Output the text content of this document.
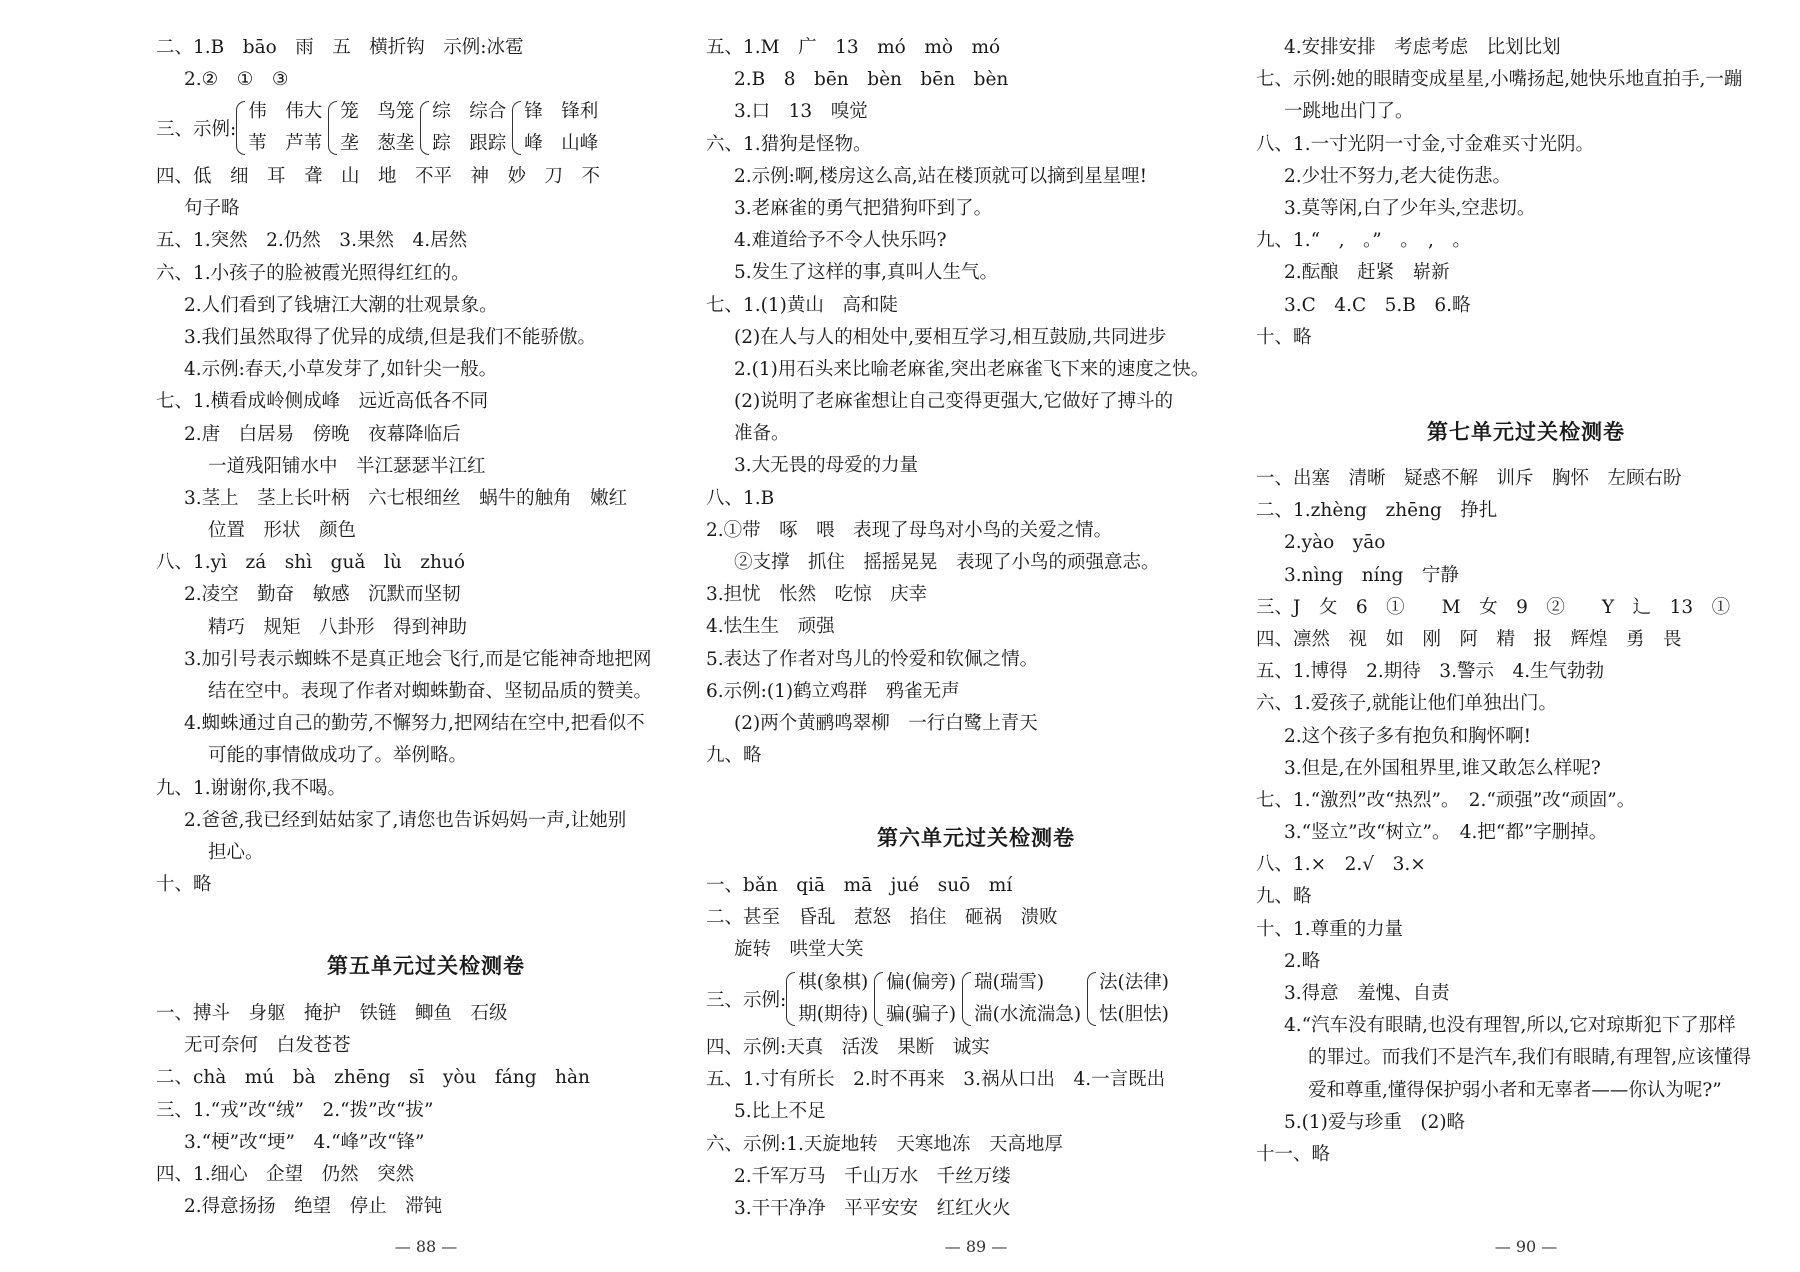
二、1.B　bāo　雨　五　横折钩　示例:冰雹
2.②　①　③
三、示例:
伟　伟大
苇　芦苇
笼　鸟笼
垄　葱垄
综　综合
踪　跟踪
锋　锋利
峰　山峰
四、低　细　耳　聋　山　地　不平　神　妙　刀　不
句子略
五、1.突然　2.仍然　3.果然　4.居然
六、1.小孩子的脸被霞光照得红红的。
2.人们看到了钱塘江大潮的壮观景象。
3.我们虽然取得了优异的成绩,但是我们不能骄傲。
4.示例:春天,小草发芽了,如针尖一般。
七、1.横看成岭侧成峰　远近高低各不同
2.唐　白居易　傍晚　夜幕降临后
一道残阳铺水中　半江瑟瑟半江红
3.茎上　茎上长叶柄　六七根细丝　蜗牛的触角　嫩红
位置　形状　颜色
八、1.yì　zá　shì　guǎ　lù　zhuó
2.凌空　勤奋　敏感　沉默而坚韧
精巧　规矩　八卦形　得到神助
3.加引号表示蜘蛛不是真正地会飞行,而是它能神奇地把网
结在空中。表现了作者对蜘蛛勤奋、坚韧品质的赞美。
4.蜘蛛通过自己的勤劳,不懈努力,把网结在空中,把看似不
可能的事情做成功了。举例略。
九、1.谢谢你,我不喝。
2.爸爸,我已经到姑姑家了,请您也告诉妈妈一声,让她别
担心。
十、略
第五单元过关检测卷
一、搏斗　身躯　掩护　铁链　鲫鱼　石级
无可奈何　白发苍苍
二、chà　mú　bà　zhēng　sī　yòu　fáng　hàn
三、1.“戎”改“绒”　2.“拨”改“拔”
3.“梗”改“埂”　4.“峰”改“锋”
四、1.细心　企望　仍然　突然
2.得意扬扬　绝望　停止　滞钝
— 88 —
五、1.M　广　13　mó　mò　mó
2.B　8　bēn　bèn　bēn　bèn
3.口　13　嗅觉
六、1.猎狗是怪物。
2.示例:啊,楼房这么高,站在楼顶就可以摘到星星哩!
3.老麻雀的勇气把猎狗吓到了。
4.难道给予不令人快乐吗?
5.发生了这样的事,真叫人生气。
七、1.(1)黄山　高和陡
(2)在人与人的相处中,要相互学习,相互鼓励,共同进步
2.(1)用石头来比喻老麻雀,突出老麻雀飞下来的速度之快。
(2)说明了老麻雀想让自己变得更强大,它做好了搏斗的
准备。
3.大无畏的母爱的力量
八、1.B
2.①带　啄　喂　表现了母鸟对小鸟的关爱之情。
②支撑　抓住　摇摇晃晃　表现了小鸟的顽强意志。
3.担忧　怅然　吃惊　庆幸
4.怯生生　顽强
5.表达了作者对鸟儿的怜爱和钦佩之情。
6.示例:(1)鹤立鸡群　鸦雀无声
(2)两个黄鹂鸣翠柳　一行白鹭上青天
九、略
第六单元过关检测卷
一、bǎn　qiā　mā　jué　suō　mí
二、甚至　昏乱　惹怒　掐住　砸祸　溃败
旋转　哄堂大笑
三、示例:
棋(象棋)
期(期待)
偏(偏旁)
骗(骗子)
瑞(瑞雪)
湍(水流湍急)
法(法律)
怯(胆怯)
四、示例:天真　活泼　果断　诚实
五、1.寸有所长　2.时不再来　3.祸从口出　4.一言既出
5.比上不足
六、示例:1.天旋地转　天寒地冻　天高地厚
2.千军万马　千山万水　千丝万缕
3.干干净净　平平安安　红红火火
— 89 —
4.安排安排　考虑考虑　比划比划
七、示例:她的眼睛变成星星,小嘴扬起,她快乐地直拍手,一蹦
一跳地出门了。
八、1.一寸光阴一寸金,寸金难买寸光阴。
2.少壮不努力,老大徒伤悲。
3.莫等闲,白了少年头,空悲切。
九、1.“　,　。”　。　,　。
2.酝酿　赶紧　崭新
3.C　4.C　5.B　6.略
十、略
第七单元过关检测卷
一、出塞　清晰　疑惑不解　训斥　胸怀　左顾右盼
二、1.zhèng　zhēng　挣扎
2.yào　yāo
3.nìng　níng　宁静
三、J　攵　6　①　　M　女　9　②　　Y　辶　13　①
四、凛然　视　如　刚　阿　精　报　辉煌　勇　畏
五、1.博得　2.期待　3.警示　4.生气勃勃
六、1.爱孩子,就能让他们单独出门。
2.这个孩子多有抱负和胸怀啊!
3.但是,在外国租界里,谁又敢怎么样呢?
七、1.“激烈”改“热烈”。　2.“顽强”改“顽固”。
3.“竖立”改“树立”。　4.把“都”字删掉。
八、1.×　2.√　3.×
九、略
十、1.尊重的力量
2.略
3.得意　羞愧、自责
4.“汽车没有眼睛,也没有理智,所以,它对琼斯犯下了那样
的罪过。而我们不是汽车,我们有眼睛,有理智,应该懂得
爱和尊重,懂得保护弱小者和无辜者——你认为呢?”
5.(1)爱与珍重　(2)略
十一、略
— 90 —
